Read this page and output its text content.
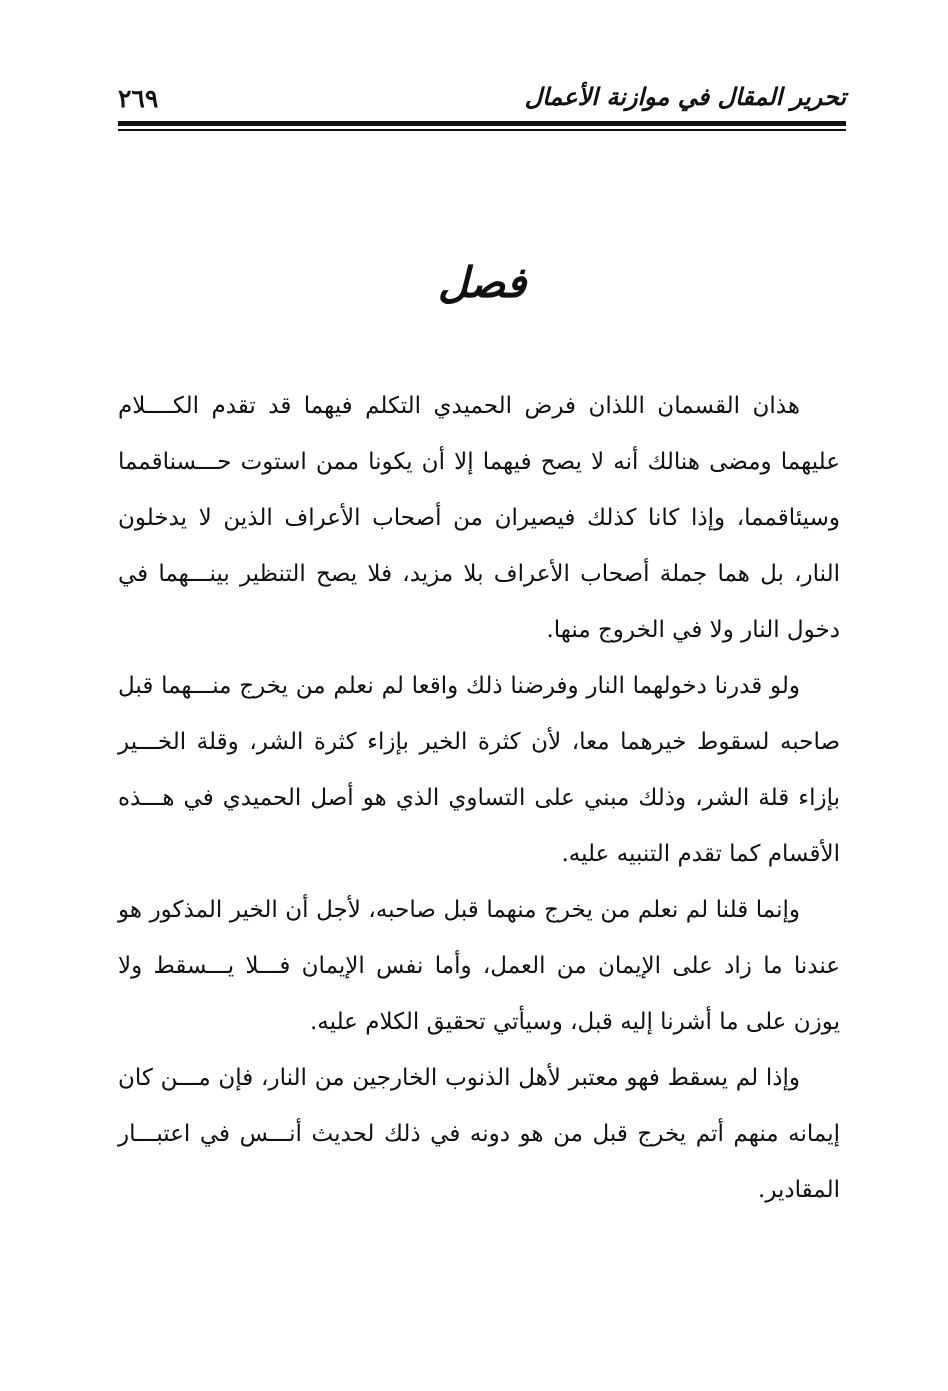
٢٦٩	تحرير المقال في موازنة الأعمال
فصل

هذان القسمان اللذان فرض الحميدي التكلم فيهما قد تقدم الكــــلام عليهما ومضى هنالك أنه لا يصح فيهما إلا أن يكونا ممن استوت حـــسناقمما وسيئاقمما، وإذا كانا كذلك فيصيران من أصحاب الأعراف الذين لا يدخلون النار، بل هما جملة أصحاب الأعراف بلا مزيد، فلا يصح التنظير بينـــهما في دخول النار ولا في الخروج منها.

ولو قدرنا دخولهما النار وفرضنا ذلك واقعا لم نعلم من يخرج منـــهما قبل صاحبه لسقوط خيرهما معا، لأن كثرة الخير بإزاء كثرة الشر، وقلة الخـــير بإزاء قلة الشر، وذلك مبني على التساوي الذي هو أصل الحميدي في هـــذه الأقسام كما تقدم التنبيه عليه.

وإنما قلنا لم نعلم من يخرج منهما قبل صاحبه، لأجل أن الخير المذكور هو عندنا ما زاد على الإيمان من العمل، وأما نفس الإيمان فـــلا يـــسقط ولا يوزن على ما أشرنا إليه قبل، وسيأتي تحقيق الكلام عليه.

وإذا لم يسقط فهو معتبر لأهل الذنوب الخارجين من النار، فإن مـــن كان إيمانه منهم أتم يخرج قبل من هو دونه في ذلك لحديث أنـــس في اعتبـــار المقادير.
